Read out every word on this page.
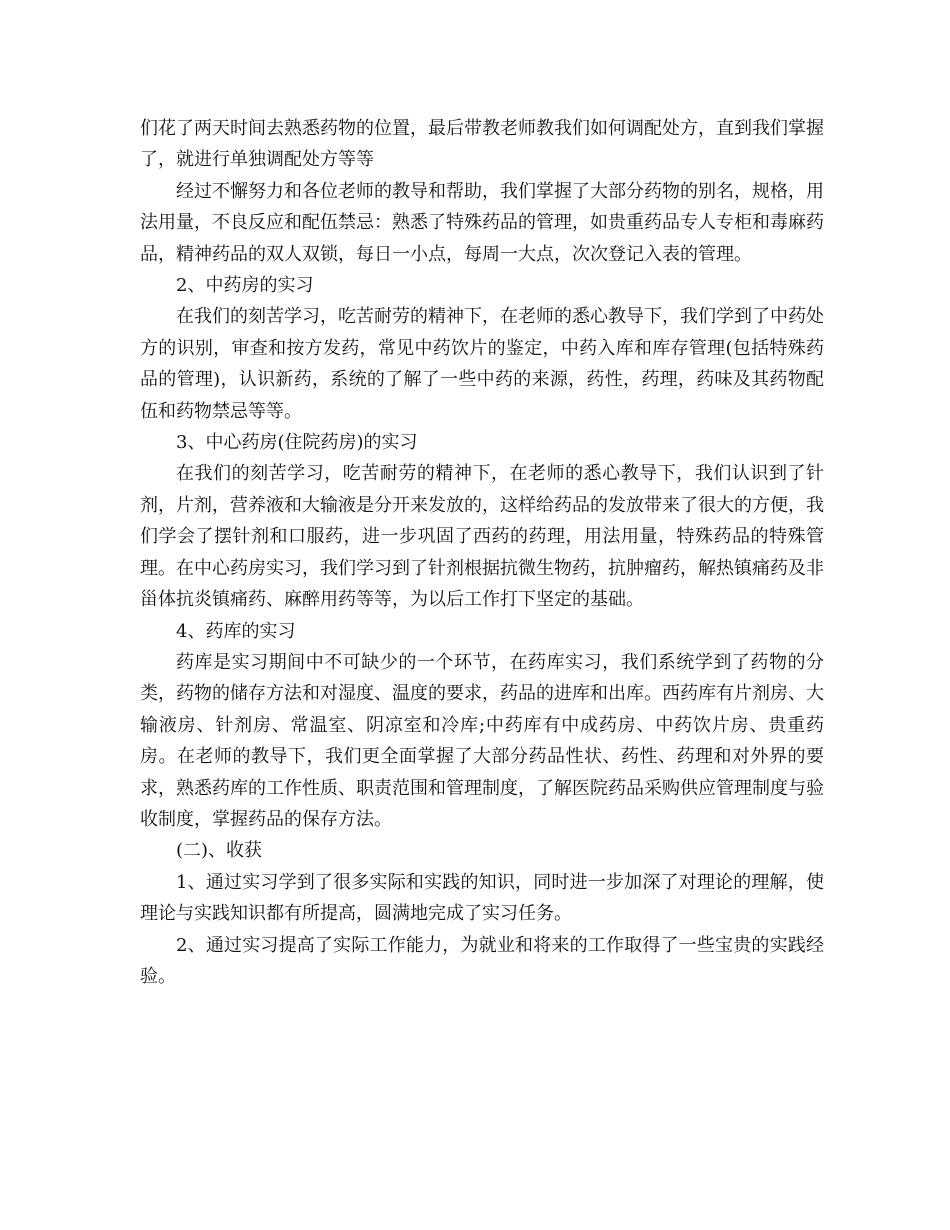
们花了两天时间去熟悉药物的位置，最后带教老师教我们如何调配处方，直到我们掌握了，就进行单独调配处方等等

经过不懈努力和各位老师的教导和帮助，我们掌握了大部分药物的别名，规格，用法用量，不良反应和配伍禁忌：熟悉了特殊药品的管理，如贵重药品专人专柜和毒麻药品，精神药品的双人双锁，每日一小点，每周一大点，次次登记入表的管理。

2、中药房的实习

在我们的刻苦学习，吃苦耐劳的精神下，在老师的悉心教导下，我们学到了中药处方的识别，审查和按方发药，常见中药饮片的鉴定，中药入库和库存管理(包括特殊药品的管理)，认识新药，系统的了解了一些中药的来源，药性，药理，药味及其药物配伍和药物禁忌等等。

3、中心药房(住院药房)的实习

在我们的刻苦学习，吃苦耐劳的精神下，在老师的悉心教导下，我们认识到了针剂，片剂，营养液和大输液是分开来发放的，这样给药品的发放带来了很大的方便，我们学会了摆针剂和口服药，进一步巩固了西药的药理，用法用量，特殊药品的特殊管理。在中心药房实习，我们学习到了针剂根据抗微生物药，抗肿瘤药，解热镇痛药及非甾体抗炎镇痛药、麻醉用药等等，为以后工作打下坚定的基础。

4、药库的实习

药库是实习期间中不可缺少的一个环节，在药库实习，我们系统学到了药物的分类，药物的储存方法和对湿度、温度的要求，药品的进库和出库。西药库有片剂房、大输液房、针剂房、常温室、阴凉室和冷库;中药库有中成药房、中药饮片房、贵重药房。在老师的教导下，我们更全面掌握了大部分药品性状、药性、药理和对外界的要求，熟悉药库的工作性质、职责范围和管理制度，了解医院药品采购供应管理制度与验收制度，掌握药品的保存方法。

(二)、收获

1、通过实习学到了很多实际和实践的知识，同时进一步加深了对理论的理解，使理论与实践知识都有所提高，圆满地完成了实习任务。

2、通过实习提高了实际工作能力，为就业和将来的工作取得了一些宝贵的实践经验。
